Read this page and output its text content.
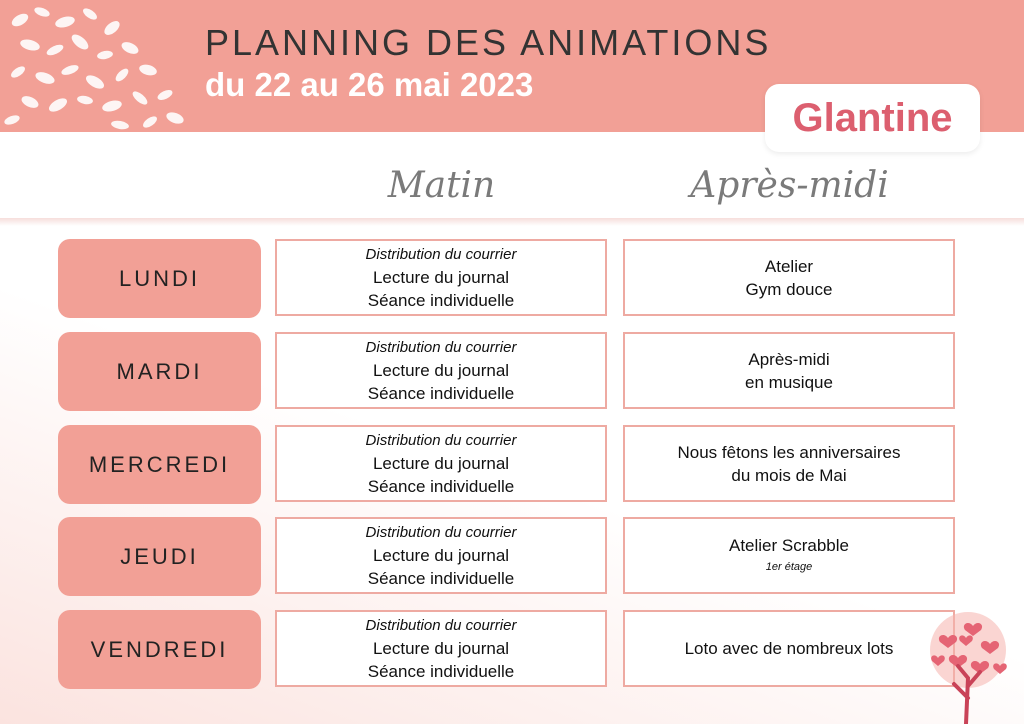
PLANNING DES ANIMATIONS
du 22 au 26 mai 2023
Glantine
Matin	Après-midi
LUNDI
Distribution du courrier
Lecture du journal
Séance individuelle
Atelier
Gym douce
MARDI
Distribution du courrier
Lecture du journal
Séance individuelle
Après-midi
en musique
MERCREDI
Distribution du courrier
Lecture du journal
Séance individuelle
Nous fêtons les anniversaires
du mois de Mai
JEUDI
Distribution du courrier
Lecture du journal
Séance individuelle
Atelier Scrabble
1er étage
VENDREDI
Distribution du courrier
Lecture du journal
Séance individuelle
Loto avec de nombreux lots
